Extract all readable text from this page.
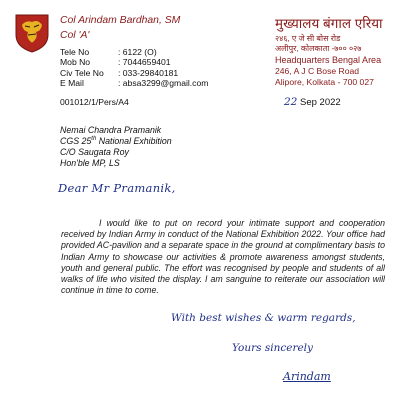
Col Arindam Bardhan, SM
Col 'A'
Tele No	: 6122 (O)
Mob No	: 7044659401
Civ Tele No : 033-29840181
E Mail	: absa3299@gmail.com
मुख्यालय बंगाल एरिया
२४६, ए जे सी बोस रोड
अलीपुर, कोलकाता -७०० ०२७
Headquarters Bengal Area
246, A J C Bose Road
Alipore, Kolkata - 700 027
001012/1/Pers/A4	22 Sep 2022
Nemai Chandra Pramanik
CGS 25th National Exhibition
C/O Saugata Roy
Hon'ble MP, LS
Dear Mr Pramanik,
I would like to put on record your intimate support and cooperation received by Indian Army in conduct of the National Exhibition 2022. Your office had provided AC-pavilion and a separate space in the ground at complimentary basis to Indian Army to showcase our activities & promote awareness amongst students, youth and general public. The effort was recognised by people and students of all walks of life who visited the display. I am sanguine to reiterate our association will continue in time to come.
With best wishes & warm regards,
Yours sincerely
Arindam
